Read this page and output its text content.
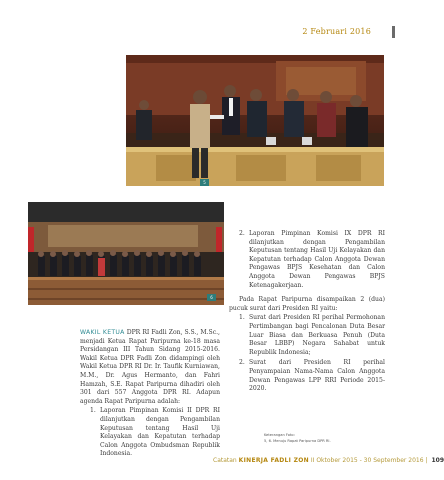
2 Februari 2016
5
6
2. Laporan Pimpinan Komisi IX DPR RI dilanjutkan dengan Pengambilan Keputusan tentang Hasil Uji Kelayakan dan Kepatutan terhadap Calon Anggota Dewan Pengawas BPJS Kesehatan dan Calon Anggota Dewan Pengawas BPJS Ketenagakerjaan.

Pada Rapat Paripurna disampaikan 2 (dua) pucuk surat dari Presiden RI yaitu:

1. Surat dari Presiden RI perihal Permohonan Pertimbangan bagi Pencalonan Duta Besar Luar Biasa dan Berkuasa Penuh (Duta Besar LBBP) Negara Sahabat untuk Republik Indonesia;
2. Surat dari Presiden RI perihal Penyampaian Nama-Nama Calon Anggota Dewan Pengawas LPP RRI Periode 2015-2020.

WAKIL KETUA DPR RI Fadli Zon, S.S., M.Sc., menjadi Ketua Rapat Paripurna ke-18 masa Persidangan III Tahun Sidang 2015-2016. Wakil Ketua DPR Fadli Zon didampingi oleh Wakil Ketua DPR RI Dr. Ir. Taufik Kurniawan, M.M., Dr. Agus Hermanto, dan Fahri Hamzah, S.E. Rapat Paripurna dihadiri oleh 301 dari 557 Anggota DPR RI. Adapun agenda Rapat Paripurna adalah:

1. Laporan Pimpinan Komisi II DPR RI dilanjutkan dengan Pengambilan Keputusan tentang Hasil Uji Kelayakan dan Kepatutan terhadap Calon Anggota Ombudsman Republik Indonesia.
Keterangan Foto:
5, 6. Menuju Rapat Paripurna DPR RI.
Catatan KINERJA FADLI ZON II Oktober 2015 - 30 September 2016 | 109
